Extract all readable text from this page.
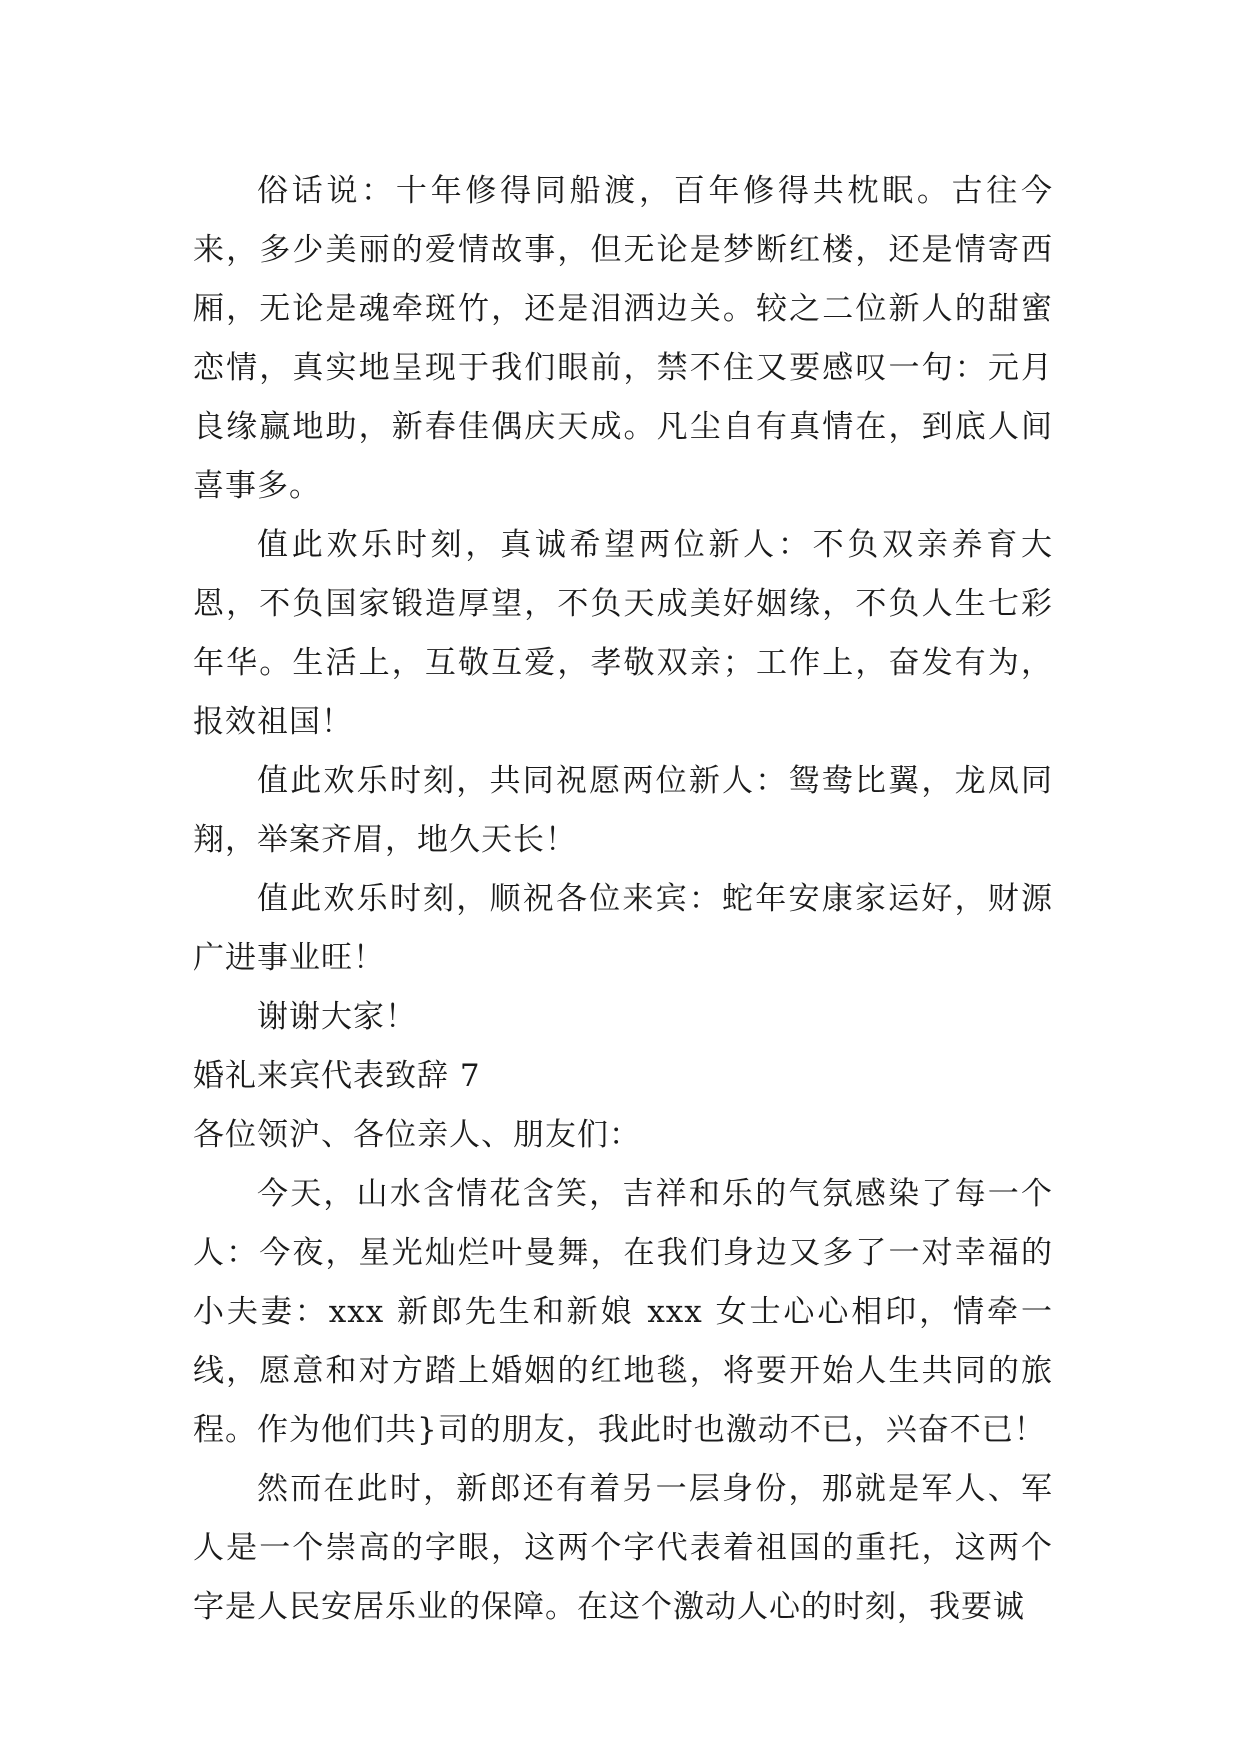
俗话说：十年修得同船渡，百年修得共枕眠。古往今来，多少美丽的爱情故事，但无论是梦断红楼，还是情寄西厢，无论是魂牵斑竹，还是泪洒边关。较之二位新人的甜蜜恋情，真实地呈现于我们眼前，禁不住又要感叹一句：元月良缘赢地助，新春佳偶庆天成。凡尘自有真情在，到底人间喜事多。

值此欢乐时刻，真诚希望两位新人：不负双亲养育大恩，不负国家锻造厚望，不负天成美好姻缘，不负人生七彩年华。生活上，互敬互爱，孝敬双亲；工作上，奋发有为，报效祖国！

值此欢乐时刻，共同祝愿两位新人：鸳鸯比翼，龙凤同翔，举案齐眉，地久天长！

值此欢乐时刻，顺祝各位来宾：蛇年安康家运好，财源广进事业旺！

谢谢大家！

婚礼来宾代表致辞 7

各位领沪、各位亲人、朋友们：

今天，山水含情花含笑，吉祥和乐的气氛感染了每一个人：今夜，星光灿烂叶曼舞，在我们身边又多了一对幸福的小夫妻：xxx 新郎先生和新娘 xxx 女士心心相印，情牵一线，愿意和对方踏上婚姻的红地毯，将要开始人生共同的旅程。作为他们共}司的朋友，我此时也激动不已，兴奋不已！

然而在此时，新郎还有着另一层身份，那就是军人、军人是一个崇高的字眼，这两个字代表着祖国的重托，这两个字是人民安居乐业的保障。在这个激动人心的时刻，我要诚
